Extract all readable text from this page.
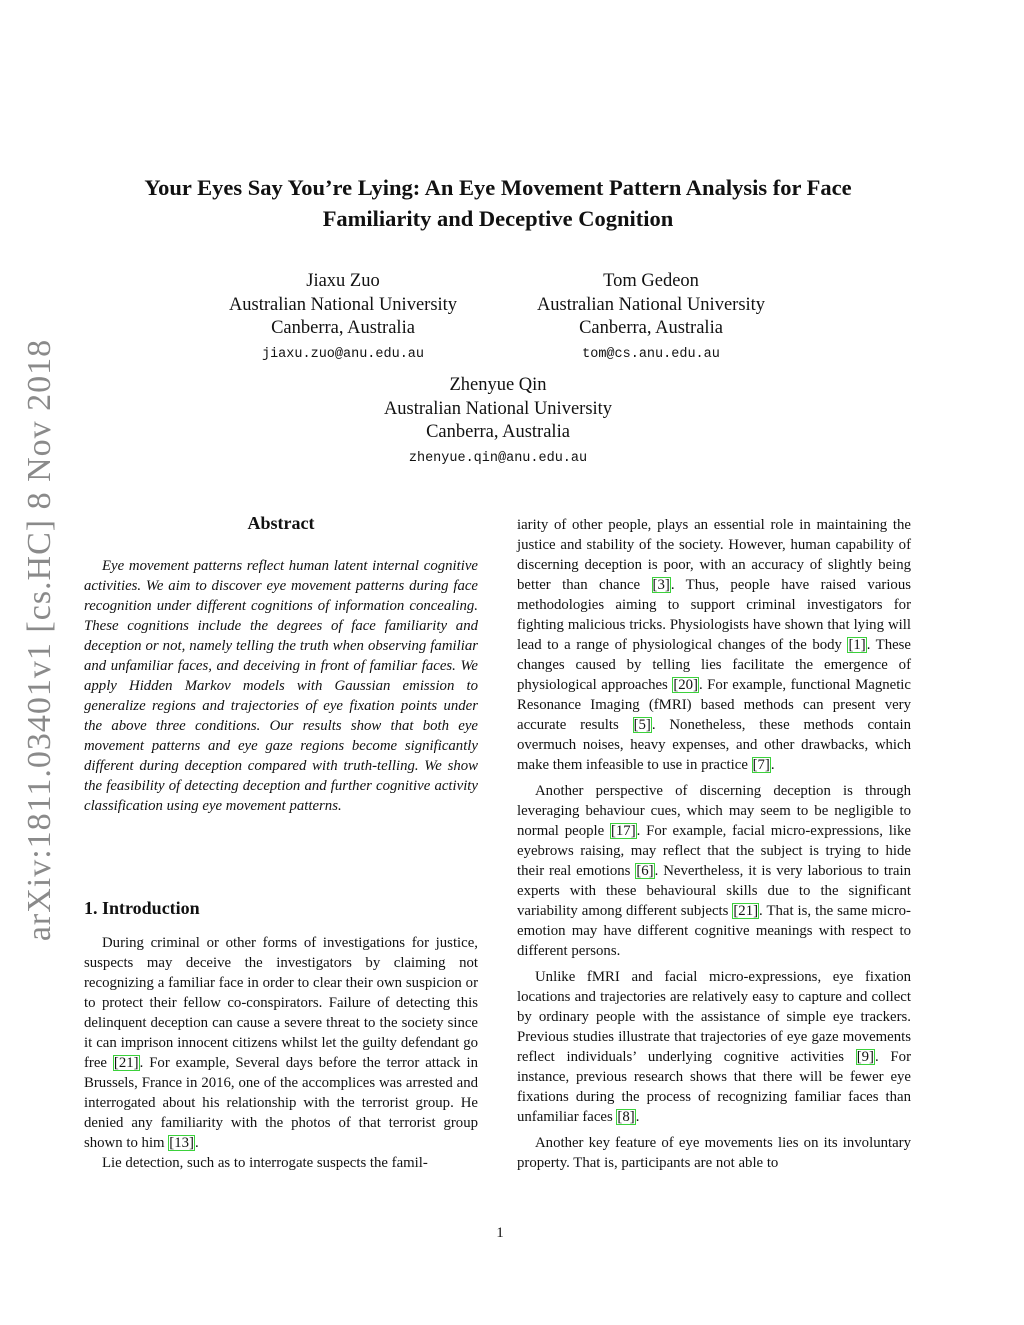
arXiv:1811.03401v1 [cs.HC] 8 Nov 2018
Your Eyes Say You’re Lying: An Eye Movement Pattern Analysis for Face
Familiarity and Deceptive Cognition
Jiaxu Zuo
Australian National University
Canberra, Australia
jiaxu.zuo@anu.edu.au
Tom Gedeon
Australian National University
Canberra, Australia
tom@cs.anu.edu.au
Zhenyue Qin
Australian National University
Canberra, Australia
zhenyue.qin@anu.edu.au
Abstract

Eye movement patterns reflect human latent internal cognitive activities. We aim to discover eye movement patterns during face recognition under different cognitions of information concealing. These cognitions include the degrees of face familiarity and deception or not, namely telling the truth when observing familiar and unfamiliar faces, and deceiving in front of familiar faces. We apply Hidden Markov models with Gaussian emission to generalize regions and trajectories of eye fixation points under the above three conditions. Our results show that both eye movement patterns and eye gaze regions become significantly different during deception compared with truth-telling. We show the feasibility of detecting deception and further cognitive activity classification using eye movement patterns.

1. Introduction

During criminal or other forms of investigations for justice, suspects may deceive the investigators by claiming not recognizing a familiar face in order to clear their own suspicion or to protect their fellow co-conspirators. Failure of detecting this delinquent deception can cause a severe threat to the society since it can imprison innocent citizens whilst let the guilty defendant go free [21]. For example, Several days before the terror attack in Brussels, France in 2016, one of the accomplices was arrested and interrogated about his relationship with the terrorist group. He denied any familiarity with the photos of that terrorist group shown to him [13].

Lie detection, such as to interrogate suspects the famil-

iarity of other people, plays an essential role in maintaining the justice and stability of the society. However, human capability of discerning deception is poor, with an accuracy of slightly being better than chance [3]. Thus, people have raised various methodologies aiming to support criminal investigators for fighting malicious tricks. Physiologists have shown that lying will lead to a range of physiological changes of the body [1]. These changes caused by telling lies facilitate the emergence of physiological approaches [20]. For example, functional Magnetic Resonance Imaging (fMRI) based methods can present very accurate results [5]. Nonetheless, these methods contain overmuch noises, heavy expenses, and other drawbacks, which make them infeasible to use in practice [7].

Another perspective of discerning deception is through leveraging behaviour cues, which may seem to be negligible to normal people [17]. For example, facial micro-expressions, like eyebrows raising, may reflect that the subject is trying to hide their real emotions [6]. Nevertheless, it is very laborious to train experts with these behavioural skills due to the significant variability among different subjects [21]. That is, the same micro-emotion may have different cognitive meanings with respect to different persons.

Unlike fMRI and facial micro-expressions, eye fixation locations and trajectories are relatively easy to capture and collect by ordinary people with the assistance of simple eye trackers. Previous studies illustrate that trajectories of eye gaze movements reflect individuals’ underlying cognitive activities [9]. For instance, previous research shows that there will be fewer eye fixations during the process of recognizing familiar faces than unfamiliar faces [8].

Another key feature of eye movements lies on its involuntary property. That is, participants are not able to

1
